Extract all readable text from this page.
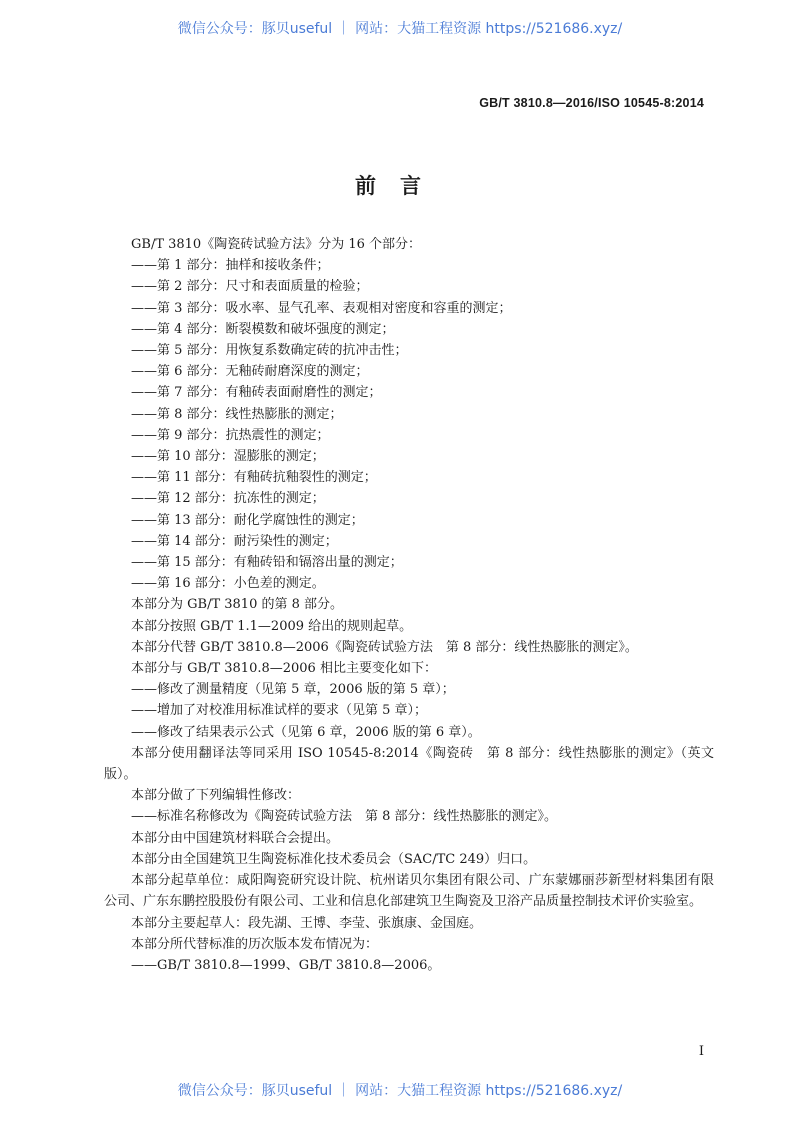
微信公众号：豚贝useful ｜ 网站：大猫工程资源 https://521686.xyz/
GB/T 3810.8—2016/ISO 10545-8:2014
前言

GB/T 3810《陶瓷砖试验方法》分为 16 个部分：

——第 1 部分：抽样和接收条件；

——第 2 部分：尺寸和表面质量的检验；

——第 3 部分：吸水率、显气孔率、表观相对密度和容重的测定；

——第 4 部分：断裂模数和破坏强度的测定；

——第 5 部分：用恢复系数确定砖的抗冲击性；

——第 6 部分：无釉砖耐磨深度的测定；

——第 7 部分：有釉砖表面耐磨性的测定；

——第 8 部分：线性热膨胀的测定；

——第 9 部分：抗热震性的测定；

——第 10 部分：湿膨胀的测定；

——第 11 部分：有釉砖抗釉裂性的测定；

——第 12 部分：抗冻性的测定；

——第 13 部分：耐化学腐蚀性的测定；

——第 14 部分：耐污染性的测定；

——第 15 部分：有釉砖铅和镉溶出量的测定；

——第 16 部分：小色差的测定。

本部分为 GB/T 3810 的第 8 部分。

本部分按照 GB/T 1.1—2009 给出的规则起草。

本部分代替 GB/T 3810.8—2006《陶瓷砖试验方法　第 8 部分：线性热膨胀的测定》。

本部分与 GB/T 3810.8—2006 相比主要变化如下：

——修改了测量精度（见第 5 章，2006 版的第 5 章）；

——增加了对校准用标准试样的要求（见第 5 章）；

——修改了结果表示公式（见第 6 章，2006 版的第 6 章）。

本部分使用翻译法等同采用 ISO 10545-8:2014《陶瓷砖　第 8 部分：线性热膨胀的测定》（英文版）。

本部分做了下列编辑性修改：

——标准名称修改为《陶瓷砖试验方法　第 8 部分：线性热膨胀的测定》。

本部分由中国建筑材料联合会提出。

本部分由全国建筑卫生陶瓷标准化技术委员会（SAC/TC 249）归口。

本部分起草单位：咸阳陶瓷研究设计院、杭州诺贝尔集团有限公司、广东蒙娜丽莎新型材料集团有限公司、广东东鹏控股股份有限公司、工业和信息化部建筑卫生陶瓷及卫浴产品质量控制技术评价实验室。

本部分主要起草人：段先湖、王博、李莹、张旗康、金国庭。

本部分所代替标准的历次版本发布情况为：

——GB/T 3810.8—1999、GB/T 3810.8—2006。

I
微信公众号：豚贝useful ｜ 网站：大猫工程资源 https://521686.xyz/
